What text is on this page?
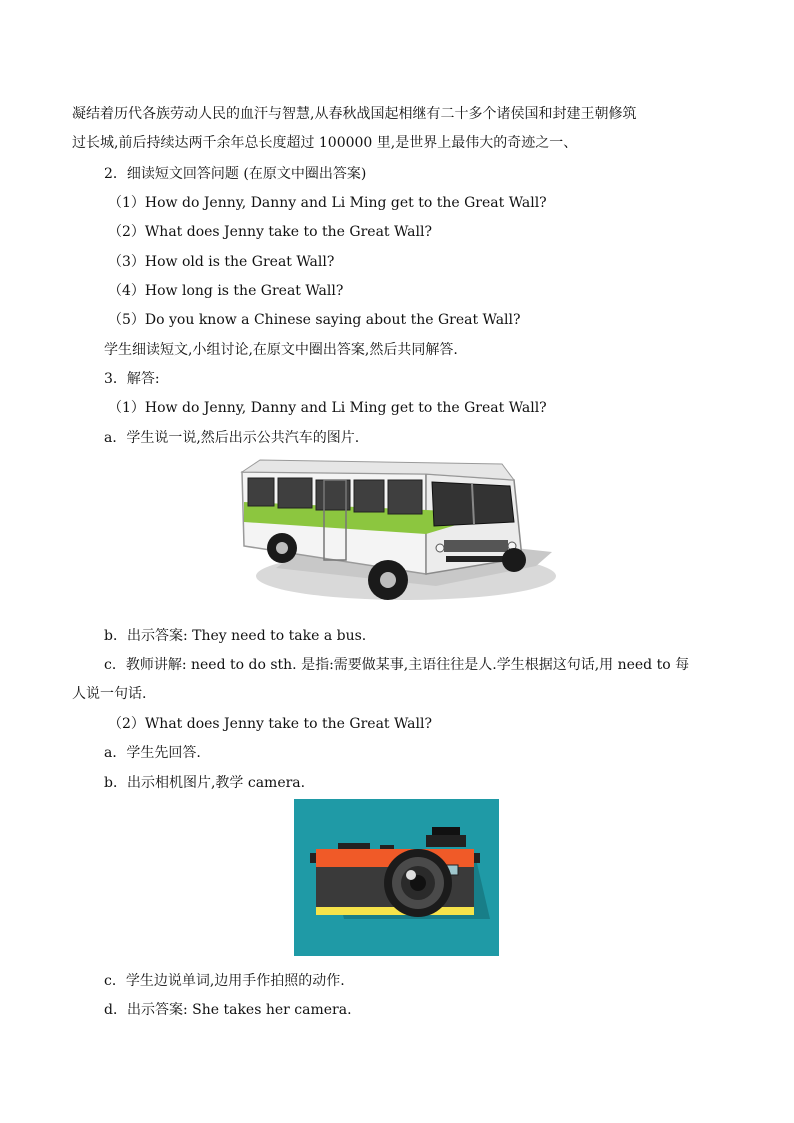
凝结着历代各族劳动人民的血汗与智慧,从春秋战国起相继有二十多个诸侯国和封建王朝修筑
过长城,前后持续达两千余年总长度超过 100000 里,是世界上最伟大的奇迹之一、
2．细读短文回答问题 (在原文中圈出答案)
（1）How do Jenny, Danny and Li Ming get to the Great Wall?
（2）What does Jenny take to the Great Wall?
（3）How old is the Great Wall?
（4）How long is the Great Wall?
（5）Do you know a Chinese saying about the Great Wall?
学生细读短文,小组讨论,在原文中圈出答案,然后共同解答.
3．解答:
（1）How do Jenny, Danny and Li Ming get to the Great Wall?
a．学生说一说,然后出示公共汽车的图片.
b．出示答案: They need to take a bus.
c．教师讲解: need to do sth. 是指:需要做某事,主语往往是人.学生根据这句话,用 need to 每
人说一句话.
（2）What does Jenny take to the Great Wall?
a．学生先回答.
b．出示相机图片,教学 camera.
c．学生边说单词,边用手作拍照的动作.
d．出示答案: She takes her camera.
